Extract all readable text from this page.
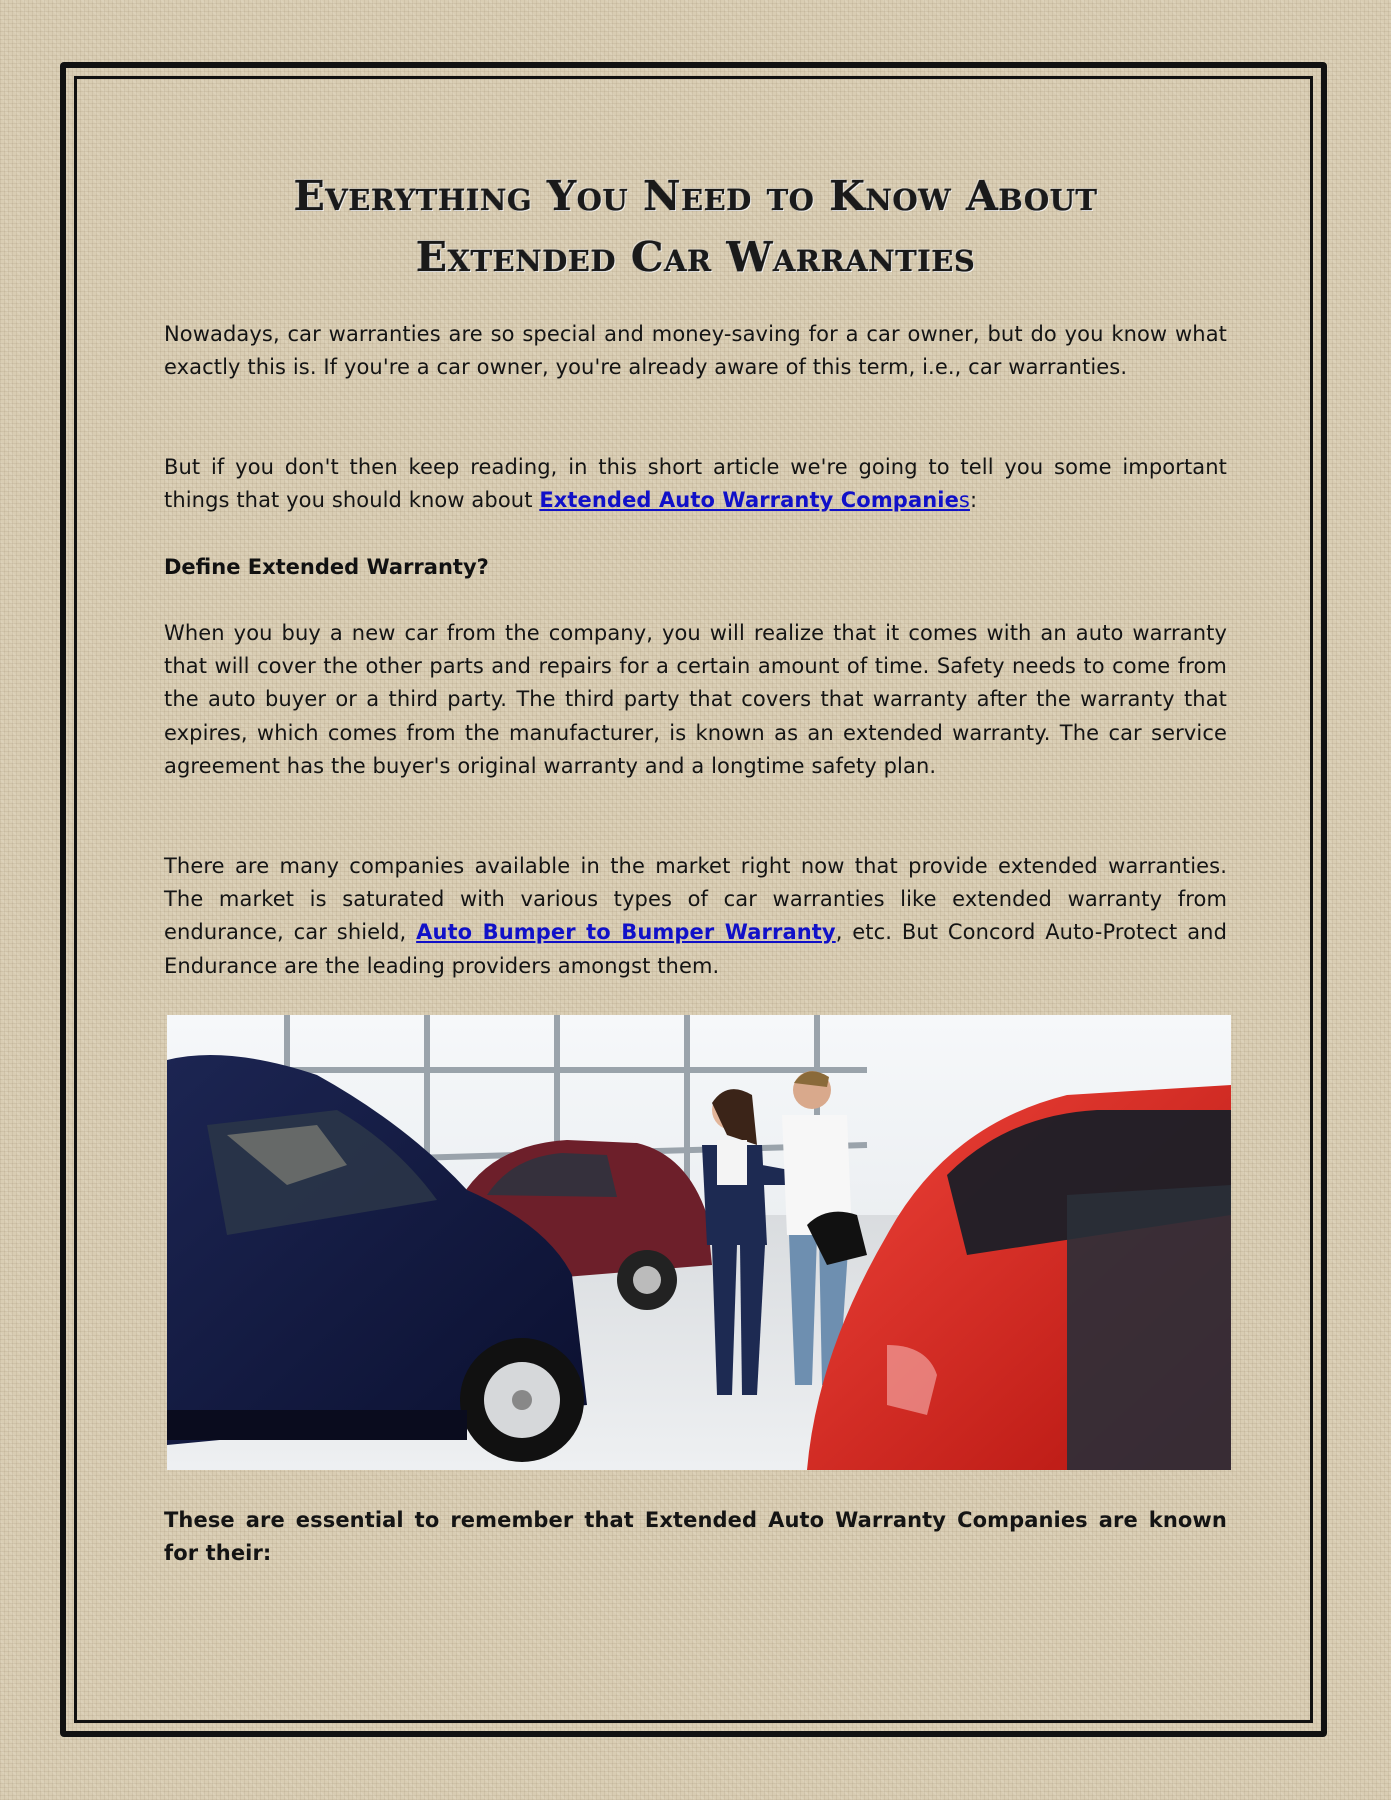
Everything You Need to Know About
Extended Car Warranties

Nowadays, car warranties are so special and money-saving for a car owner, but do you know what exactly this is. If you're a car owner, you're already aware of this term, i.e., car warranties.

But if you don't then keep reading, in this short article we're going to tell you some important things that you should know about Extended Auto Warranty Companies:

Define Extended Warranty?

When you buy a new car from the company, you will realize that it comes with an auto warranty that will cover the other parts and repairs for a certain amount of time. Safety needs to come from the auto buyer or a third party. The third party that covers that warranty after the warranty that expires, which comes from the manufacturer, is known as an extended warranty. The car service agreement has the buyer's original warranty and a longtime safety plan.

There are many companies available in the market right now that provide extended warranties. The market is saturated with various types of car warranties like extended warranty from endurance, car shield, Auto Bumper to Bumper Warranty, etc. But Concord Auto-Protect and Endurance are the leading providers amongst them.

These are essential to remember that Extended Auto Warranty Companies are known for their:
